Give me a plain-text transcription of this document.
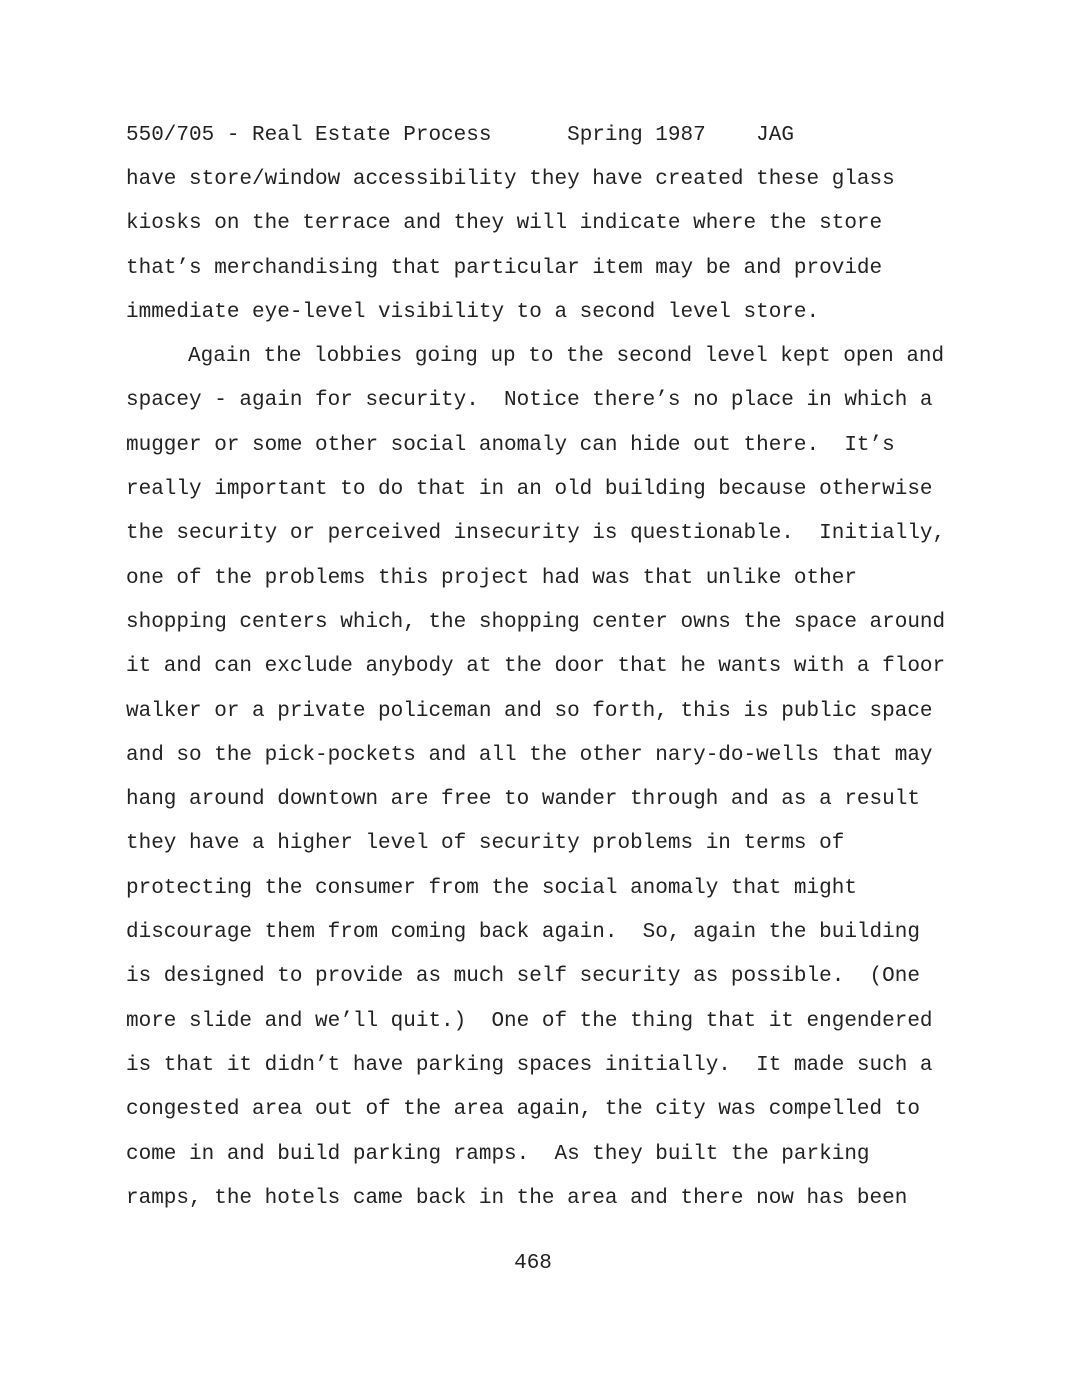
550/705 - Real Estate Process	Spring 1987 JAG
have store/window accessibility they have created these glass
kiosks on the terrace and they will indicate where the store
that’s merchandising that particular item may be and provide
immediate eye-level visibility to a second level store.
Again the lobbies going up to the second level kept open and
spacey - again for security.  Notice there’s no place in which a
mugger or some other social anomaly can hide out there.  It’s
really important to do that in an old building because otherwise
the security or perceived insecurity is questionable.  Initially,
one of the problems this project had was that unlike other
shopping centers which, the shopping center owns the space around
it and can exclude anybody at the door that he wants with a floor
walker or a private policeman and so forth, this is public space
and so the pick-pockets and all the other nary-do-wells that may
hang around downtown are free to wander through and as a result
they have a higher level of security problems in terms of
protecting the consumer from the social anomaly that might
discourage them from coming back again.  So, again the building
is designed to provide as much self security as possible.  (One
more slide and we’ll quit.)  One of the thing that it engendered
is that it didn’t have parking spaces initially.  It made such a
congested area out of the area again, the city was compelled to
come in and build parking ramps.  As they built the parking
ramps, the hotels came back in the area and there now has been
468
